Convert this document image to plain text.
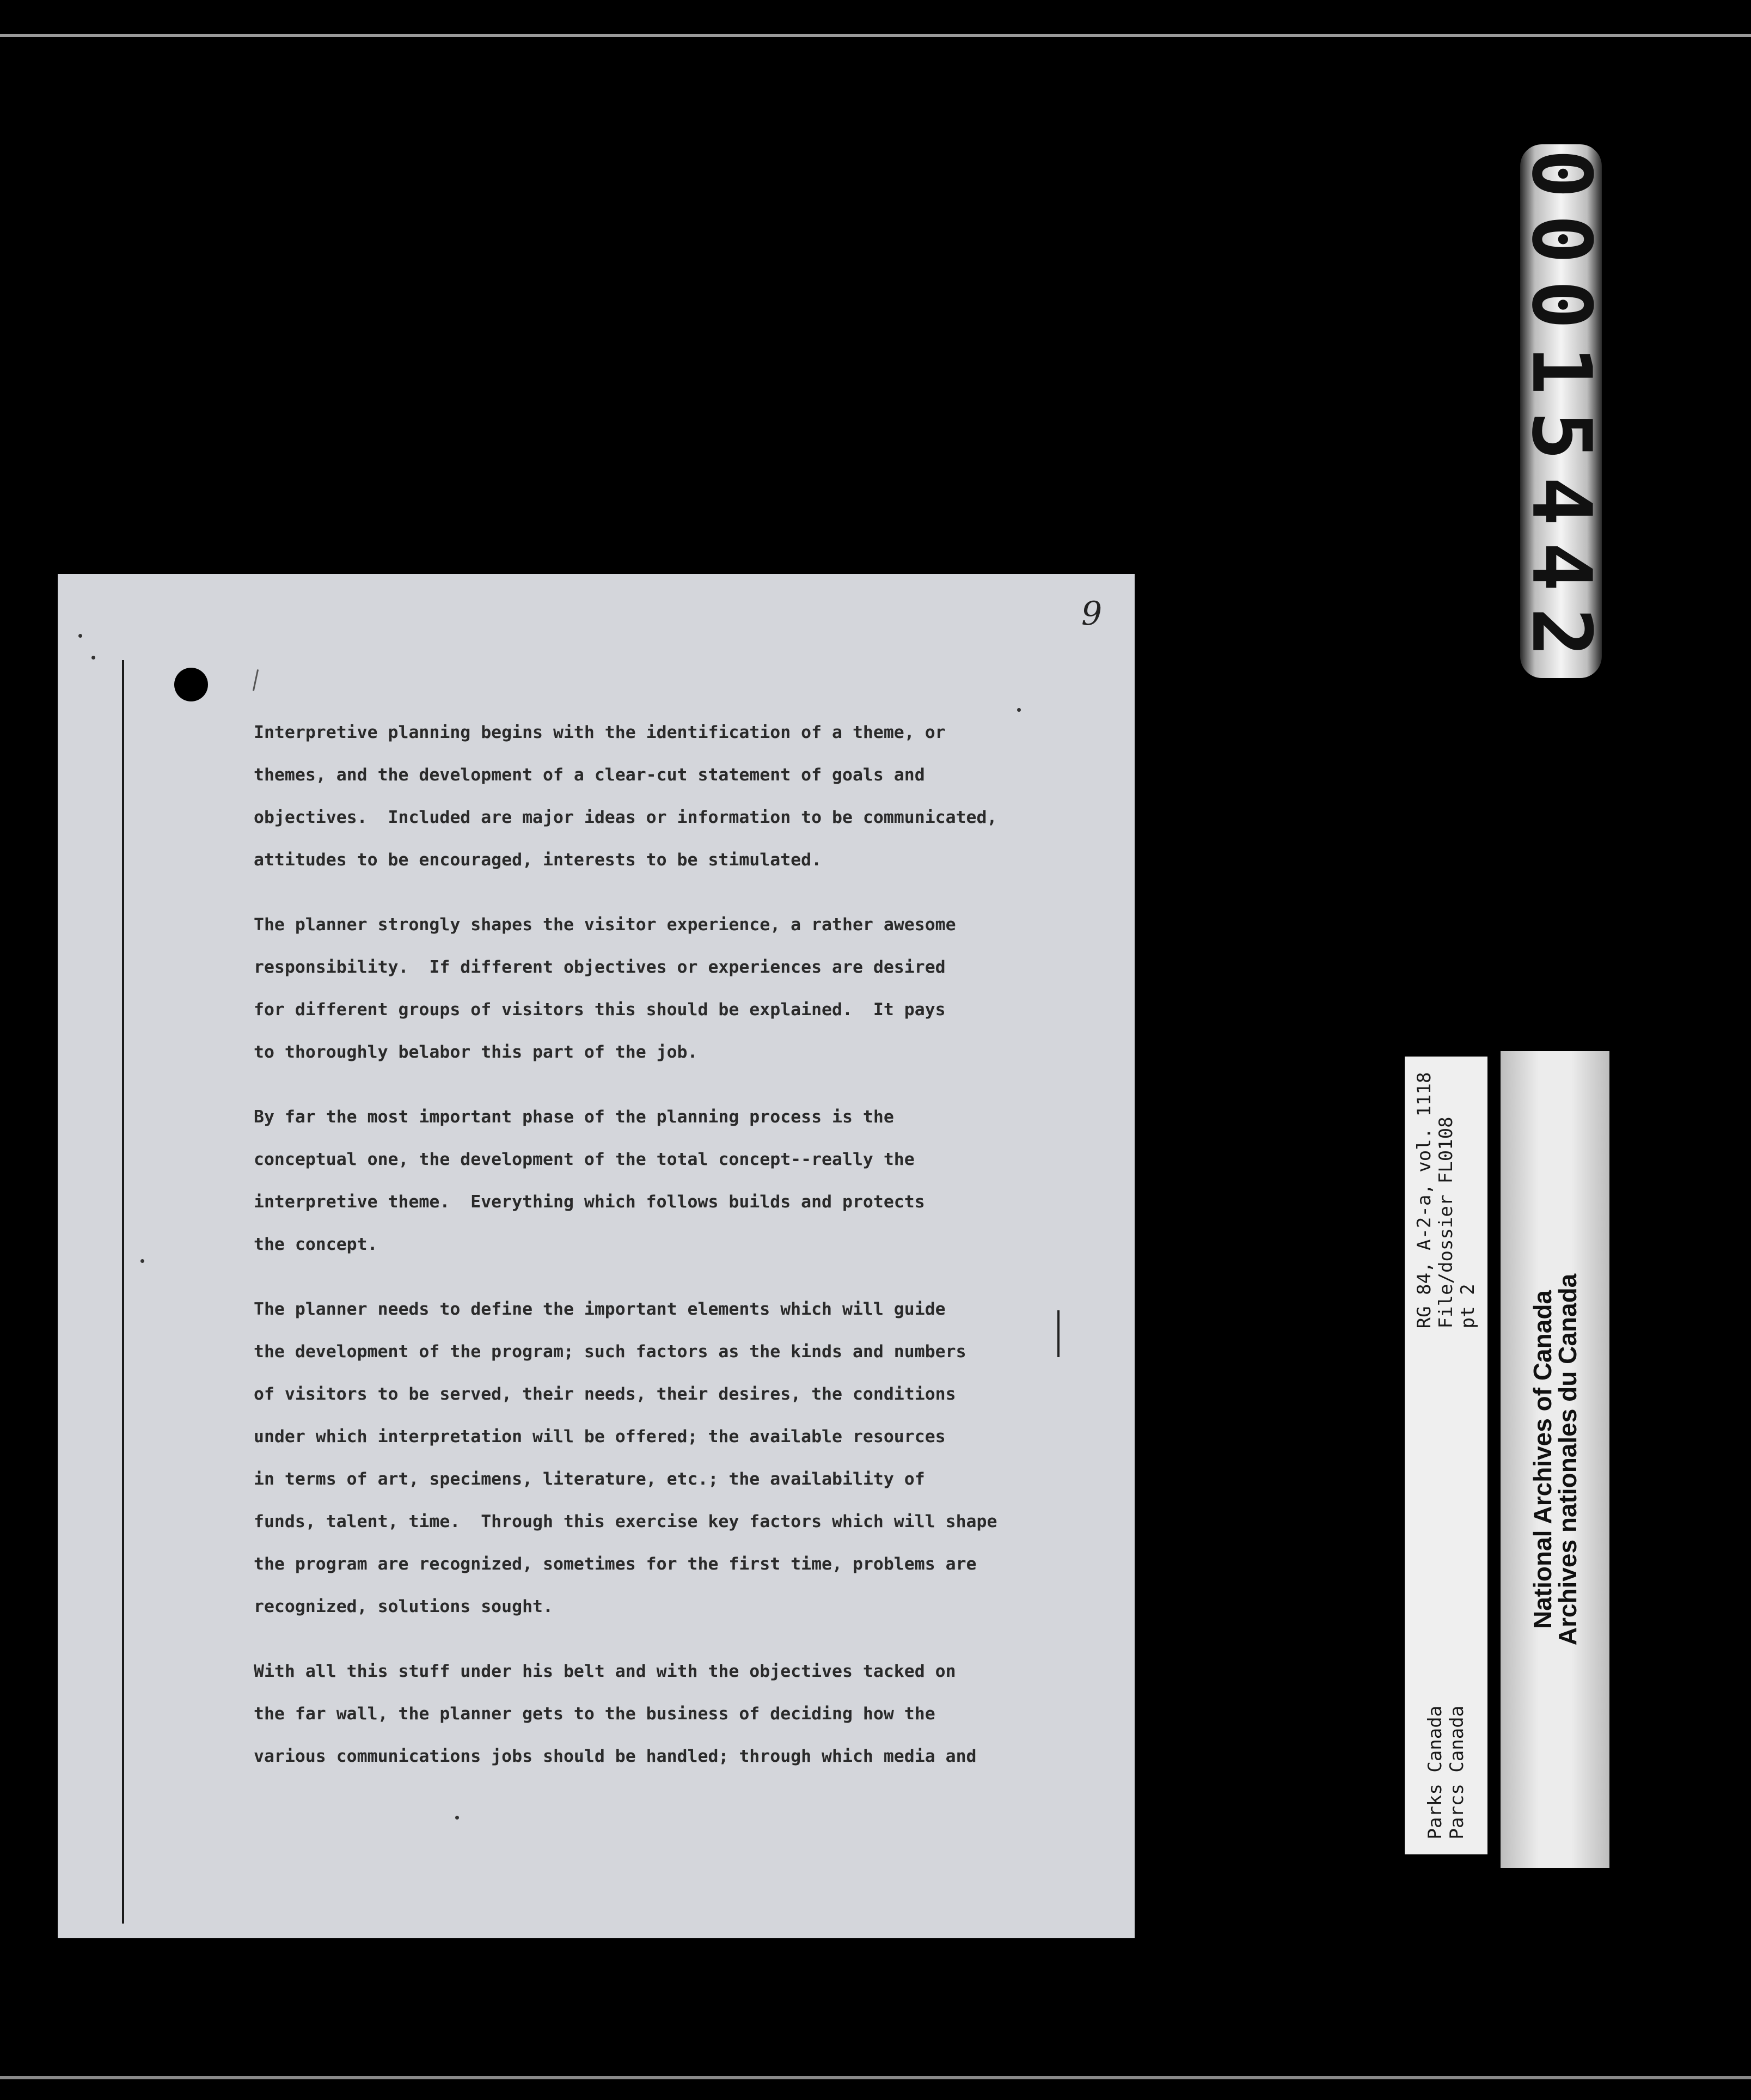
00015442
9

Interpretive planning begins with the identification of a theme, or
themes, and the development of a clear-cut statement of goals and
objectives.  Included are major ideas or information to be communicated,
attitudes to be encouraged, interests to be stimulated.

The planner strongly shapes the visitor experience, a rather awesome
responsibility.  If different objectives or experiences are desired
for different groups of visitors this should be explained.  It pays
to thoroughly belabor this part of the job.

By far the most important phase of the planning process is the
conceptual one, the development of the total concept--really the
interpretive theme.  Everything which follows builds and protects
the concept.

The planner needs to define the important elements which will guide
the development of the program; such factors as the kinds and numbers
of visitors to be served, their needs, their desires, the conditions
under which interpretation will be offered; the available resources
in terms of art, specimens, literature, etc.; the availability of
funds, talent, time.  Through this exercise key factors which will shape
the program are recognized, sometimes for the first time, problems are
recognized, solutions sought.

With all this stuff under his belt and with the objectives tacked on
the far wall, the planner gets to the business of deciding how the
various communications jobs should be handled; through which media and	Parks Canada
Parcs Canada
RG 84, A-2-a, vol. 1118
File/dossier FL0108
pt 2 National Archives of Canada
Archives nationales du Canada
